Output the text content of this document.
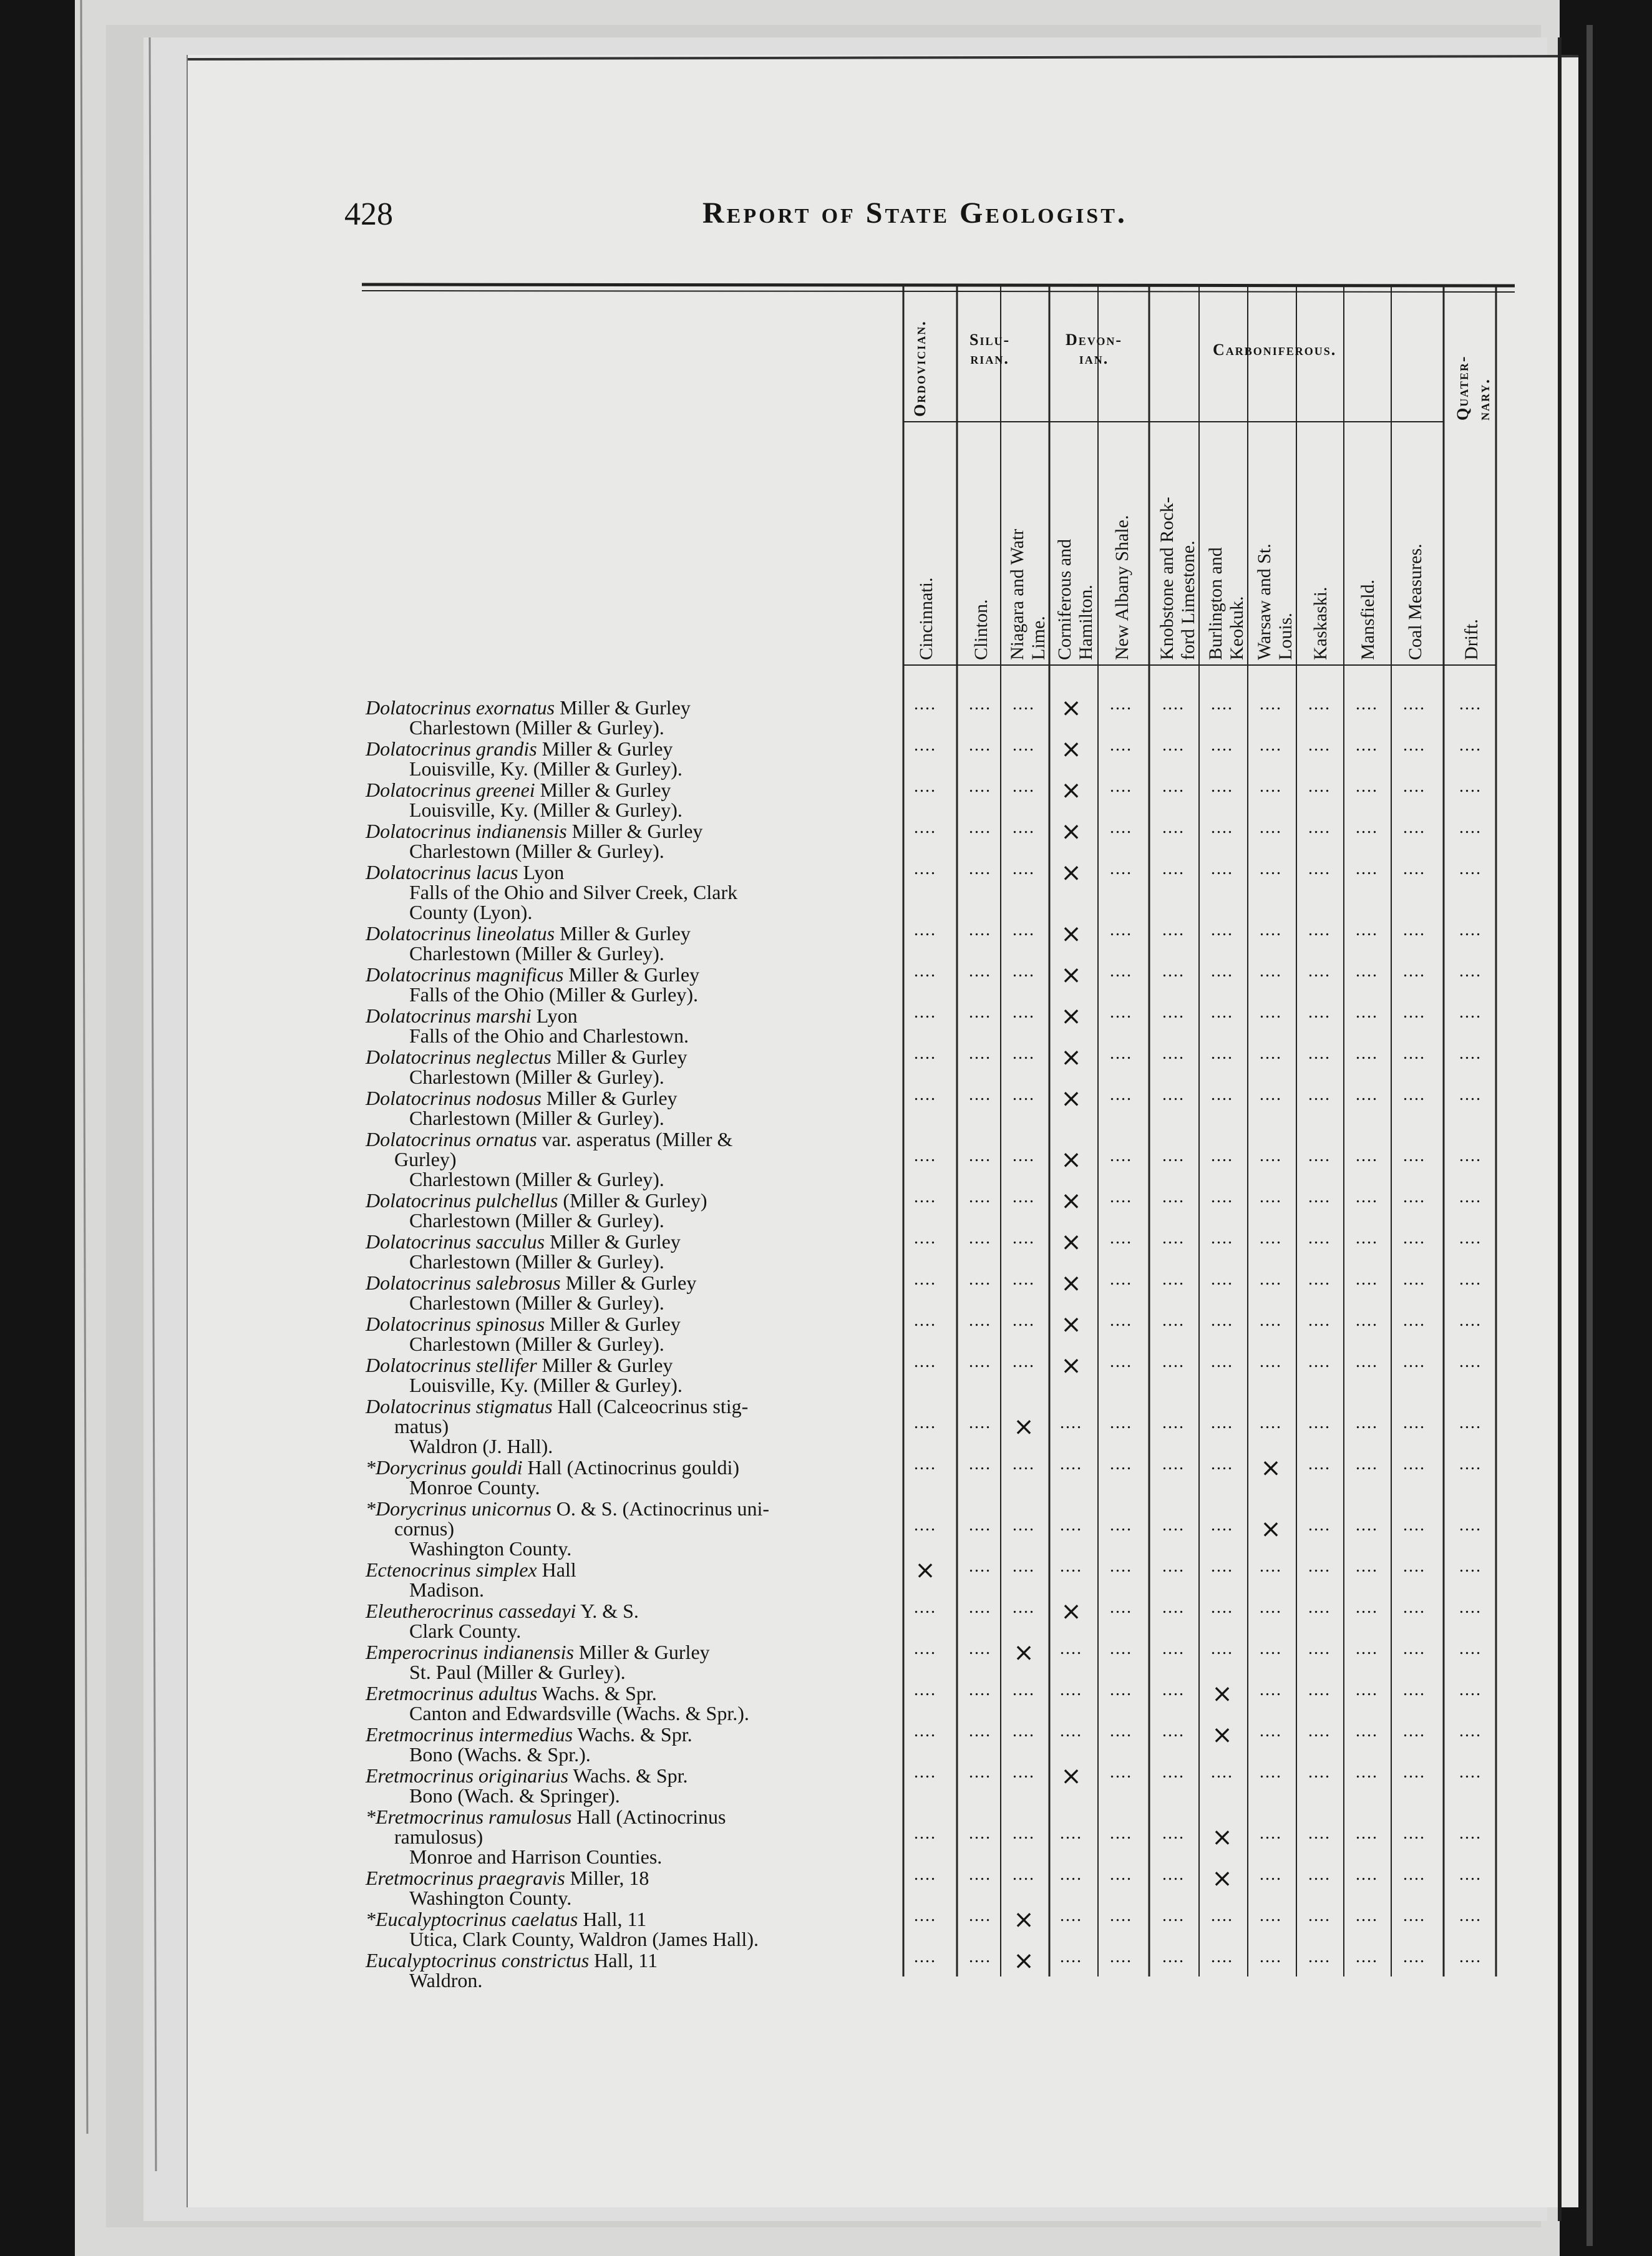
428	Report of State Geologist.
Ordovician.	Silu-
rian.
Devon-
ian.	Carboniferous.
Quater-
nary.
Cincinnati. Clinton. Niagara and Watr
Lime. Corniferous and
Hamilton. New Albany Shale. Knobstone and Rock-
ford Limestone. Burlington and
Keokuk. Warsaw and St.
Louis. Kaskaski. Mansfield. Coal Measures. Drift.
Dolatocrinus exornatus Miller & Gurley
Charlestown (Miller & Gurley).
....	....	....	×	....	....	....	....	....	....	....	....
Dolatocrinus grandis Miller & Gurley
Louisville, Ky. (Miller & Gurley).
....	....	....	×	....	....	....	....	....	....	....	....
Dolatocrinus greenei Miller & Gurley
Louisville, Ky. (Miller & Gurley).
....	....	....	×	....	....	....	....	....	....	....	....
Dolatocrinus indianensis Miller & Gurley
Charlestown (Miller & Gurley).
....	....	....	×	....	....	....	....	....	....	....	....
Dolatocrinus lacus Lyon
Falls of the Ohio and Silver Creek, Clark
County (Lyon).
....	....	....	×	....	....	....	....	....	....	....	....
Dolatocrinus lineolatus Miller & Gurley
Charlestown (Miller & Gurley).
....	....	....	×	....	....	....	....	....	....	....	....
Dolatocrinus magnificus Miller & Gurley
Falls of the Ohio (Miller & Gurley).
....	....	....	×	....	....	....	....	....	....	....	....
Dolatocrinus marshi Lyon
Falls of the Ohio and Charlestown.
....	....	....	×	....	....	....	....	....	....	....	....
Dolatocrinus neglectus Miller & Gurley
Charlestown (Miller & Gurley).
....	....	....	×	....	....	....	....	....	....	....	....
Dolatocrinus nodosus Miller & Gurley
Charlestown (Miller & Gurley).
....	....	....	×	....	....	....	....	....	....	....	....
Dolatocrinus ornatus var. asperatus (Miller &
Gurley)
Charlestown (Miller & Gurley).
....	....	....	×	....	....	....	....	....	....	....	....
Dolatocrinus pulchellus (Miller & Gurley)
Charlestown (Miller & Gurley).
....	....	....	×	....	....	....	....	....	....	....	....
Dolatocrinus sacculus Miller & Gurley
Charlestown (Miller & Gurley).
....	....	....	×	....	....	....	....	....	....	....	....
Dolatocrinus salebrosus Miller & Gurley
Charlestown (Miller & Gurley).
....	....	....	×	....	....	....	....	....	....	....	....
Dolatocrinus spinosus Miller & Gurley
Charlestown (Miller & Gurley).
....	....	....	×	....	....	....	....	....	....	....	....
Dolatocrinus stellifer Miller & Gurley
Louisville, Ky. (Miller & Gurley).
....	....	....	×	....	....	....	....	....	....	....	....
Dolatocrinus stigmatus Hall (Calceocrinus stig-
matus)
Waldron (J. Hall).
....	.... ×	....	....	....	....	....	....	....	....	....
*Dorycrinus gouldi Hall (Actinocrinus gouldi)
Monroe County.
....	....	....	....	....	....	....	×	....	....	....	....
*Dorycrinus unicornus O. & S. (Actinocrinus uni-
cornus)
Washington County.
....	....	....	....	....	....	....	×	....	....	....	....
Ectenocrinus simplex Hall
Madison.
×	....	....	....	....	....	....	....	....	....	....	....
Eleutherocrinus cassedayi Y. & S.
Clark County.
....	....	....	×	....	....	....	....	....	....	....	....
Emperocrinus indianensis Miller & Gurley
St. Paul (Miller & Gurley).
....	.... ×	....	....	....	....	....	....	....	....	....
Eretmocrinus adultus Wachs. & Spr.
Canton and Edwardsville (Wachs. & Spr.).
....	....	....	....	....	....	×	....	....	....	....	....
Eretmocrinus intermedius Wachs. & Spr.
Bono (Wachs. & Spr.).
....	....	....	....	....	....	×	....	....	....	....	....
Eretmocrinus originarius Wachs. & Spr.
Bono (Wach. & Springer).
....	....	....	×	....	....	....	....	....	....	....	....
*Eretmocrinus ramulosus Hall (Actinocrinus
ramulosus)
Monroe and Harrison Counties.
....	....	....	....	....	....	×	....	....	....	....	....
Eretmocrinus praegravis Miller, 18
Washington County.
....	....	....	....	....	....	×	....	....	....	....	....
*Eucalyptocrinus caelatus Hall, 11
Utica, Clark County, Waldron (James Hall).
....	.... ×	....	....	....	....	....	....	....	....	....
Eucalyptocrinus constrictus Hall, 11
Waldron.
....	.... ×	....	....	....	....	....	....	....	....	....
